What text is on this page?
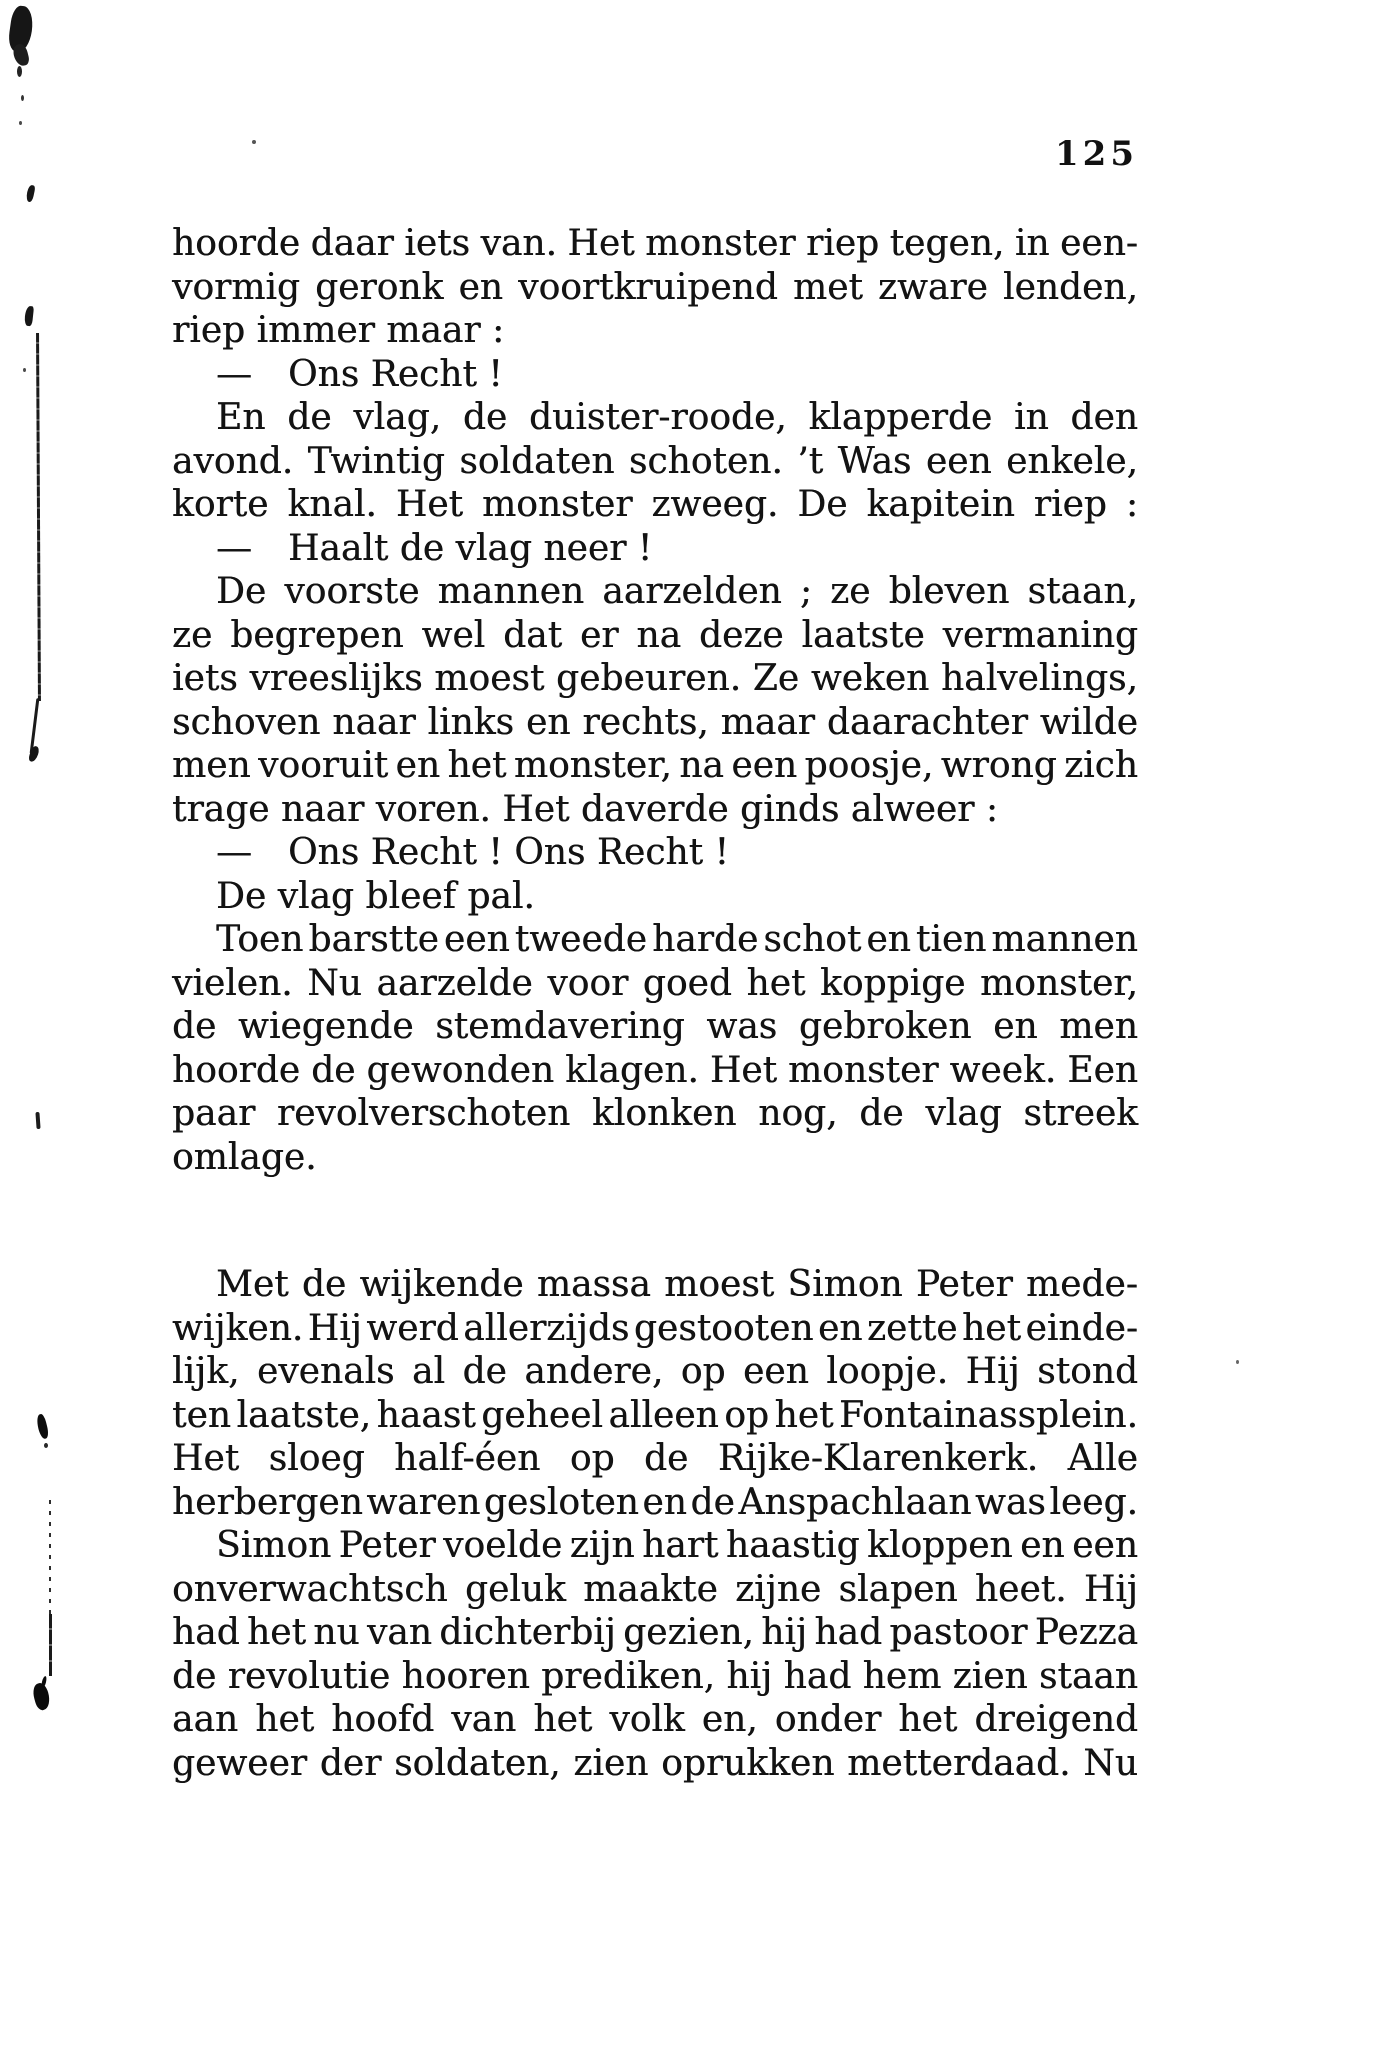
125
hoorde daar iets van. Het monster riep tegen, in een-
vormig geronk en voortkruipend met zware lenden,
riep immer maar :
— Ons Recht !
En de vlag, de duister-roode, klapperde in den
avond. Twintig soldaten schoten. ’t Was een enkele,
korte knal. Het monster zweeg. De kapitein riep :
— Haalt de vlag neer !
De voorste mannen aarzelden ; ze bleven staan,
ze begrepen wel dat er na deze laatste vermaning
iets vreeslijks moest gebeuren. Ze weken halvelings,
schoven naar links en rechts, maar daarachter wilde
men vooruit en het monster, na een poosje, wrong zich
trage naar voren. Het daverde ginds alweer :
— Ons Recht ! Ons Recht !
De vlag bleef pal.
Toen barstte een tweede harde schot en tien mannen
vielen. Nu aarzelde voor goed het koppige monster,
de wiegende stemdavering was gebroken en men
hoorde de gewonden klagen. Het monster week. Een
paar revolverschoten klonken nog, de vlag streek
omlage.
Met de wijkende massa moest Simon Peter mede-
wijken. Hij werd allerzijds gestooten en zette het einde-
lijk, evenals al de andere, op een loopje. Hij stond
ten laatste, haast geheel alleen op het Fontainassplein.
Het sloeg half-éen op de Rijke-Klarenkerk. Alle
herbergen waren gesloten en de Anspachlaan was leeg.
Simon Peter voelde zijn hart haastig kloppen en een
onverwachtsch geluk maakte zijne slapen heet. Hij
had het nu van dichterbij gezien, hij had pastoor Pezza
de revolutie hooren prediken, hij had hem zien staan
aan het hoofd van het volk en, onder het dreigend
geweer der soldaten, zien oprukken metterdaad. Nu
